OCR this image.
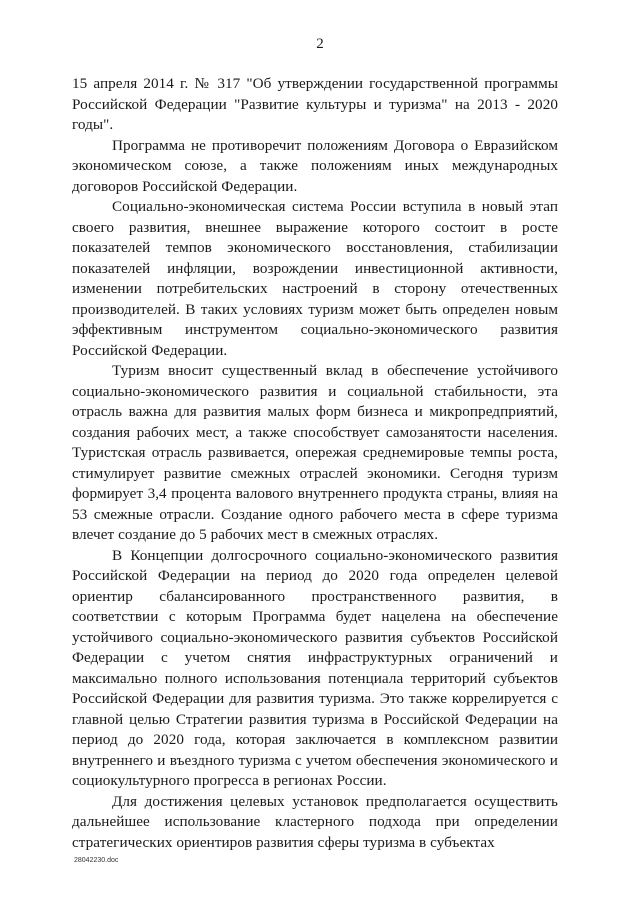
2

15 апреля 2014 г. № 317 "Об утверждении государственной программы Российской Федерации "Развитие культуры и туризма" на 2013 - 2020 годы".

Программа не противоречит положениям Договора о Евразийском экономическом союзе, а также положениям иных международных договоров Российской Федерации.

Социально-экономическая система России вступила в новый этап своего развития, внешнее выражение которого состоит в росте показателей темпов экономического восстановления, стабилизации показателей инфляции, возрождении инвестиционной активности, изменении потребительских настроений в сторону отечественных производителей. В таких условиях туризм может быть определен новым эффективным инструментом социально-экономического развития Российской Федерации.

Туризм вносит существенный вклад в обеспечение устойчивого социально-экономического развития и социальной стабильности, эта отрасль важна для развития малых форм бизнеса и микропредприятий, создания рабочих мест, а также способствует самозанятости населения. Туристская отрасль развивается, опережая среднемировые темпы роста, стимулирует развитие смежных отраслей экономики. Сегодня туризм формирует 3,4 процента валового внутреннего продукта страны, влияя на 53 смежные отрасли. Создание одного рабочего места в сфере туризма влечет создание до 5 рабочих мест в смежных отраслях.

В Концепции долгосрочного социально-экономического развития Российской Федерации на период до 2020 года определен целевой ориентир сбалансированного пространственного развития, в соответствии с которым Программа будет нацелена на обеспечение устойчивого социально-экономического развития субъектов Российской Федерации с учетом снятия инфраструктурных ограничений и максимально полного использования потенциала территорий субъектов Российской Федерации для развития туризма. Это также коррелируется с главной целью Стратегии развития туризма в Российской Федерации на период до 2020 года, которая заключается в комплексном развитии внутреннего и въездного туризма с учетом обеспечения экономического и социокультурного прогресса в регионах России.

Для достижения целевых установок предполагается осуществить дальнейшее использование кластерного подхода при определении стратегических ориентиров развития сферы туризма в субъектах

28042230.doc
